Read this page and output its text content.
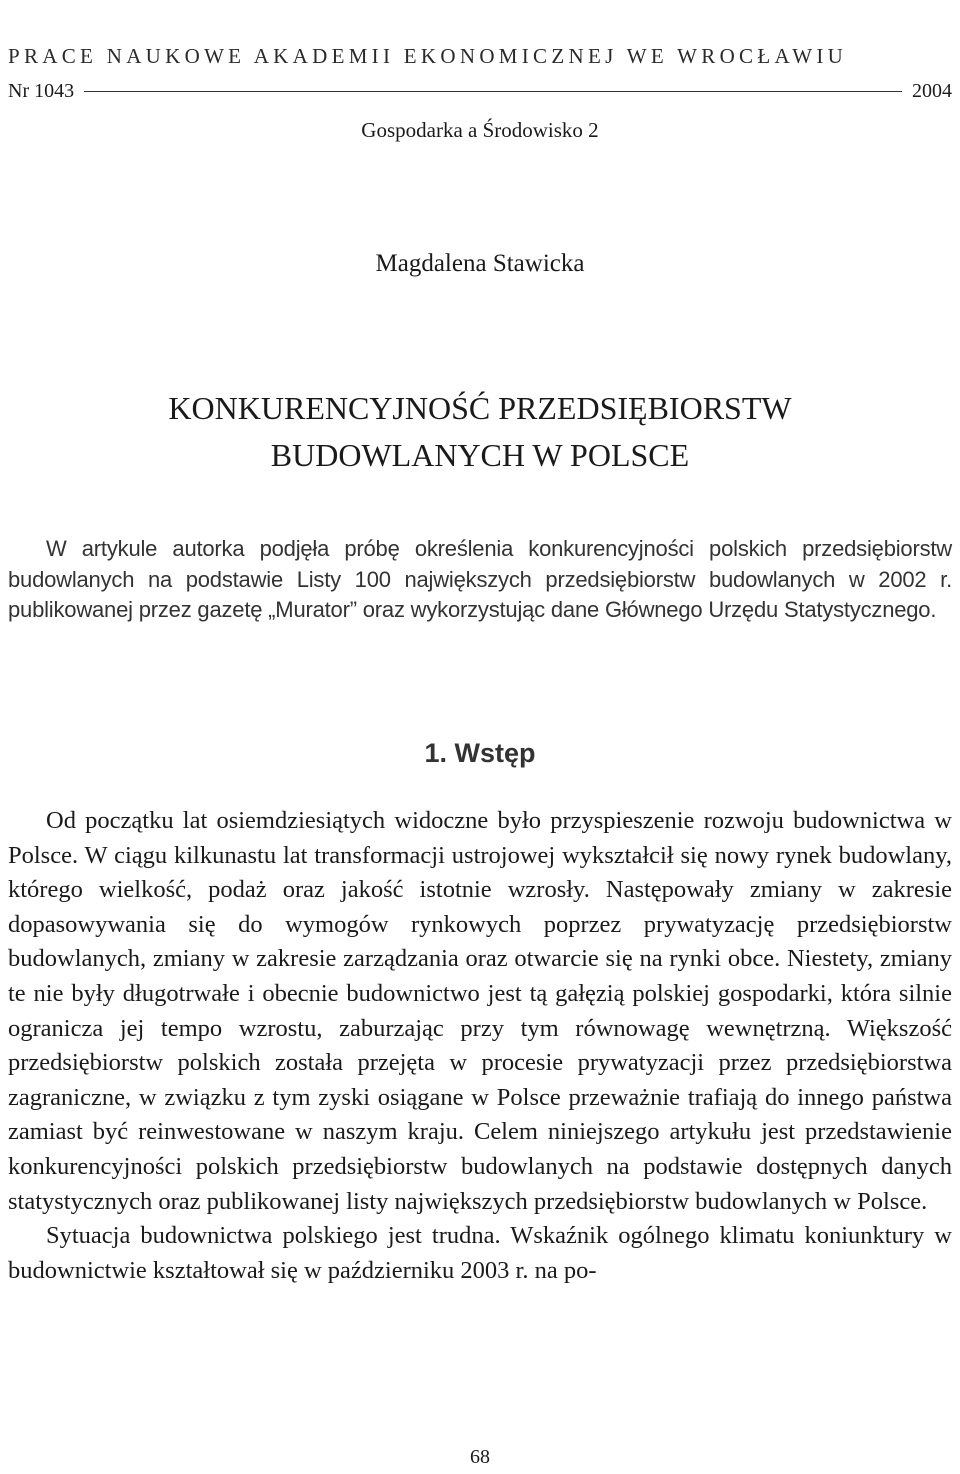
PRACE NAUKOWE AKADEMII EKONOMICZNEJ WE WROCŁAWIU
Nr 1043	2004
Gospodarka a Środowisko 2
Magdalena Stawicka
KONKURENCYJNOŚĆ PRZEDSIĘBIORSTW
BUDOWLANYCH W POLSCE
W artykule autorka podjęła próbę określenia konkurencyjności polskich przedsiębiorstw budowlanych na podstawie Listy 100 największych przedsiębiorstw budowlanych w 2002 r. publikowanej przez gazetę „Murator” oraz wykorzystując dane Głównego Urzędu Statystycznego.
1. Wstęp

Od początku lat osiemdziesiątych widoczne było przyspieszenie rozwoju budownictwa w Polsce. W ciągu kilkunastu lat transformacji ustrojowej wykształcił się nowy rynek budowlany, którego wielkość, podaż oraz jakość istotnie wzrosły. Następowały zmiany w zakresie dopasowywania się do wymogów rynkowych poprzez prywatyzację przedsiębiorstw budowlanych, zmiany w zakresie zarządzania oraz otwarcie się na rynki obce. Niestety, zmiany te nie były długotrwałe i obecnie budownictwo jest tą gałęzią polskiej gospodarki, która silnie ogranicza jej tempo wzrostu, zaburzając przy tym równowagę wewnętrzną. Większość przedsiębiorstw polskich została przejęta w procesie prywatyzacji przez przedsiębiorstwa zagraniczne, w związku z tym zyski osiągane w Polsce przeważnie trafiają do innego państwa zamiast być reinwestowane w naszym kraju. Celem niniejszego artykułu jest przedstawienie konkurencyjności polskich przedsiębiorstw budowlanych na podstawie dostępnych danych statystycznych oraz publikowanej listy największych przedsiębiorstw budowlanych w Polsce.

Sytuacja budownictwa polskiego jest trudna. Wskaźnik ogólnego klimatu koniunktury w budownictwie kształtował się w październiku 2003 r. na po-

68
